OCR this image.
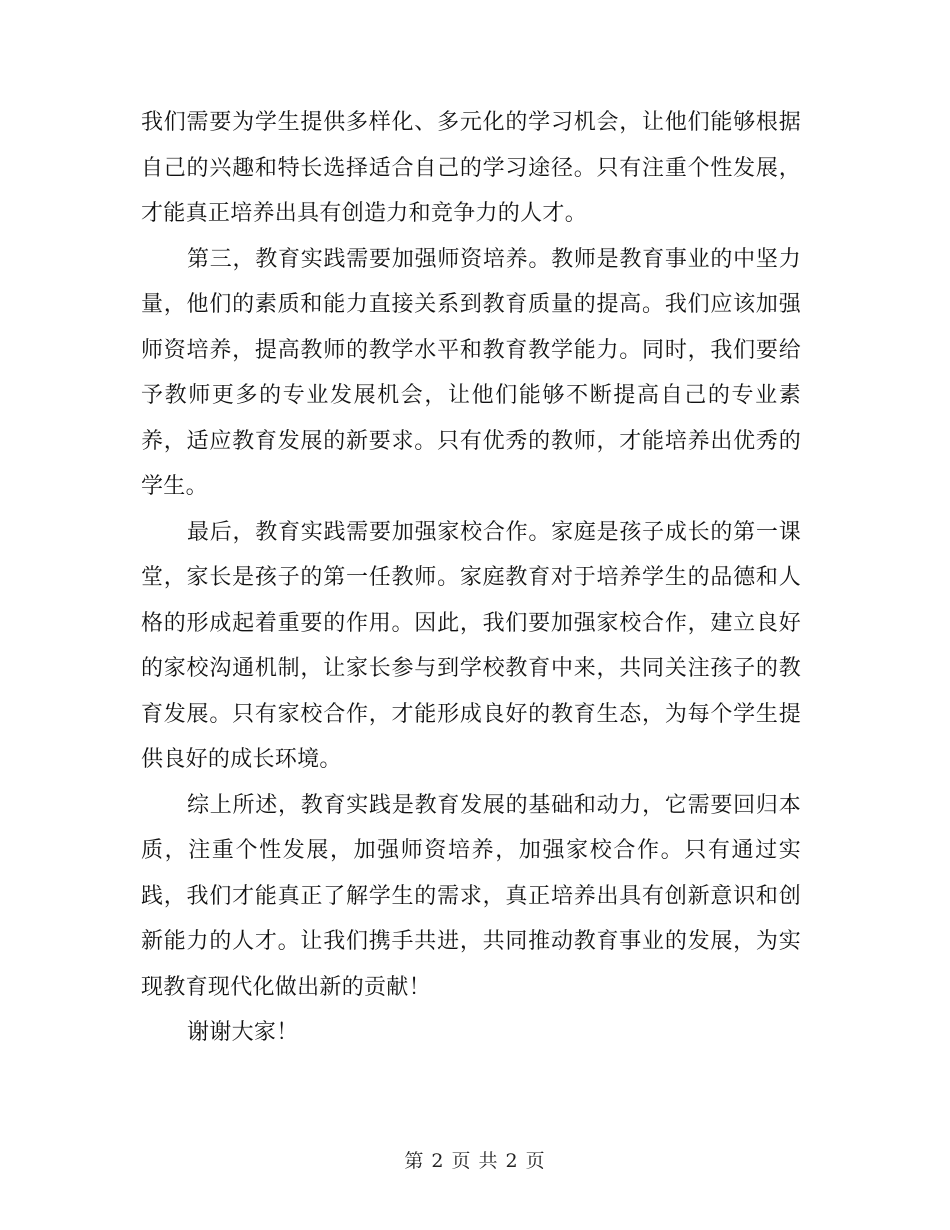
我们需要为学生提供多样化、多元化的学习机会，让他们能够根据自己的兴趣和特长选择适合自己的学习途径。只有注重个性发展，才能真正培养出具有创造力和竞争力的人才。

第三，教育实践需要加强师资培养。教师是教育事业的中坚力量，他们的素质和能力直接关系到教育质量的提高。我们应该加强师资培养，提高教师的教学水平和教育教学能力。同时，我们要给予教师更多的专业发展机会，让他们能够不断提高自己的专业素养，适应教育发展的新要求。只有优秀的教师，才能培养出优秀的学生。

最后，教育实践需要加强家校合作。家庭是孩子成长的第一课堂，家长是孩子的第一任教师。家庭教育对于培养学生的品德和人格的形成起着重要的作用。因此，我们要加强家校合作，建立良好的家校沟通机制，让家长参与到学校教育中来，共同关注孩子的教育发展。只有家校合作，才能形成良好的教育生态，为每个学生提供良好的成长环境。

综上所述，教育实践是教育发展的基础和动力，它需要回归本质，注重个性发展，加强师资培养，加强家校合作。只有通过实践，我们才能真正了解学生的需求，真正培养出具有创新意识和创新能力的人才。让我们携手共进，共同推动教育事业的发展，为实现教育现代化做出新的贡献！

谢谢大家！

第 2 页 共 2 页
